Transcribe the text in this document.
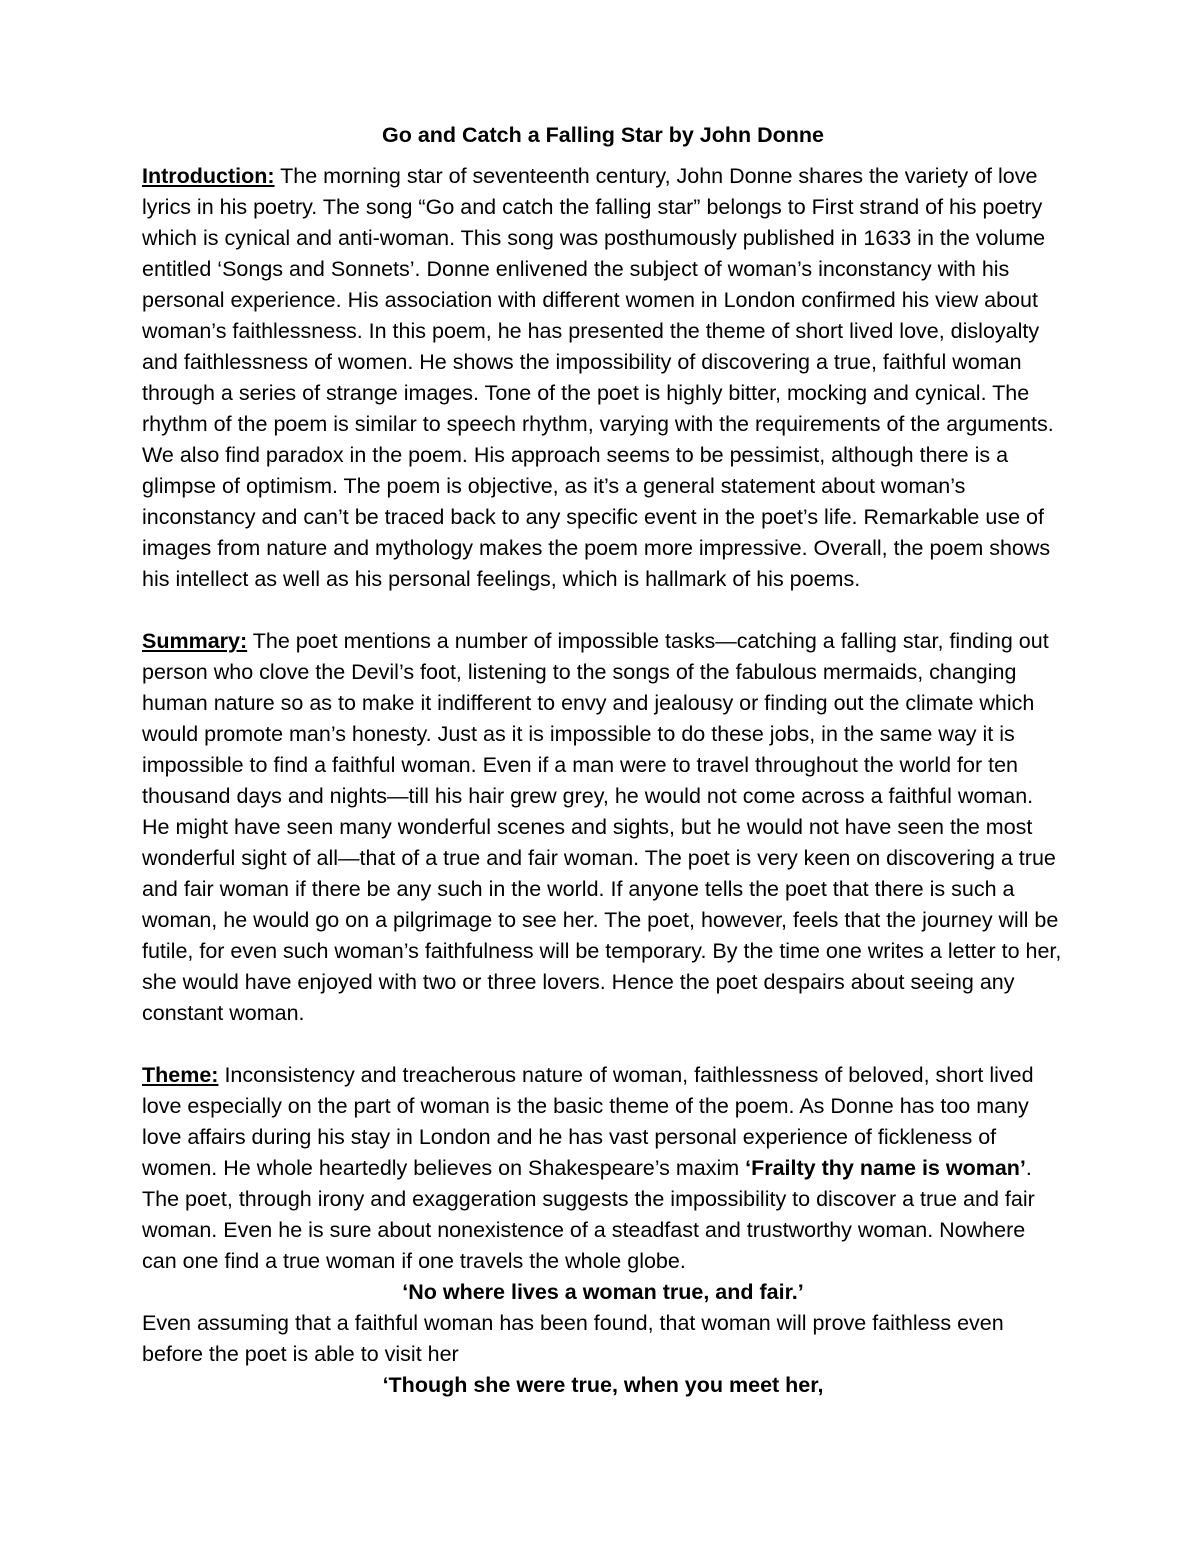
Go and Catch a Falling Star by John Donne

Introduction: The morning star of seventeenth century, John Donne shares the variety of love lyrics in his poetry. The song “Go and catch the falling star” belongs to First strand of his poetry which is cynical and anti-woman. This song was posthumously published in 1633 in the volume entitled ‘Songs and Sonnets’. Donne enlivened the subject of woman’s inconstancy with his personal experience. His association with different women in London confirmed his view about woman’s faithlessness. In this poem, he has presented the theme of short lived love, disloyalty and faithlessness of women. He shows the impossibility of discovering a true, faithful woman through a series of strange images. Tone of the poet is highly bitter, mocking and cynical. The rhythm of the poem is similar to speech rhythm, varying with the requirements of the arguments. We also find paradox in the poem. His approach seems to be pessimist, although there is a glimpse of optimism. The poem is objective, as it’s a general statement about woman’s inconstancy and can’t be traced back to any specific event in the poet’s life. Remarkable use of images from nature and mythology makes the poem more impressive. Overall, the poem shows his intellect as well as his personal feelings, which is hallmark of his poems.

Summary: The poet mentions a number of impossible tasks—catching a falling star, finding out person who clove the Devil’s foot, listening to the songs of the fabulous mermaids, changing human nature so as to make it indifferent to envy and jealousy or finding out the climate which would promote man’s honesty. Just as it is impossible to do these jobs, in the same way it is impossible to find a faithful woman. Even if a man were to travel throughout the world for ten thousand days and nights—till his hair grew grey, he would not come across a faithful woman. He might have seen many wonderful scenes and sights, but he would not have seen the most wonderful sight of all—that of a true and fair woman. The poet is very keen on discovering a true and fair woman if there be any such in the world. If anyone tells the poet that there is such a woman, he would go on a pilgrimage to see her. The poet, however, feels that the journey will be futile, for even such woman’s faithfulness will be temporary. By the time one writes a letter to her, she would have enjoyed with two or three lovers. Hence the poet despairs about seeing any constant woman.

Theme: Inconsistency and treacherous nature of woman, faithlessness of beloved, short lived love especially on the part of woman is the basic theme of the poem. As Donne has too many love affairs during his stay in London and he has vast personal experience of fickleness of women. He whole heartedly believes on Shakespeare’s maxim ‘Frailty thy name is woman’. The poet, through irony and exaggeration suggests the impossibility to discover a true and fair woman. Even he is sure about nonexistence of a steadfast and trustworthy woman. Nowhere can one find a true woman if one travels the whole globe.

‘No where lives a woman true, and fair.’

Even assuming that a faithful woman has been found, that woman will prove faithless even before the poet is able to visit her

‘Though she were true, when you meet her,
